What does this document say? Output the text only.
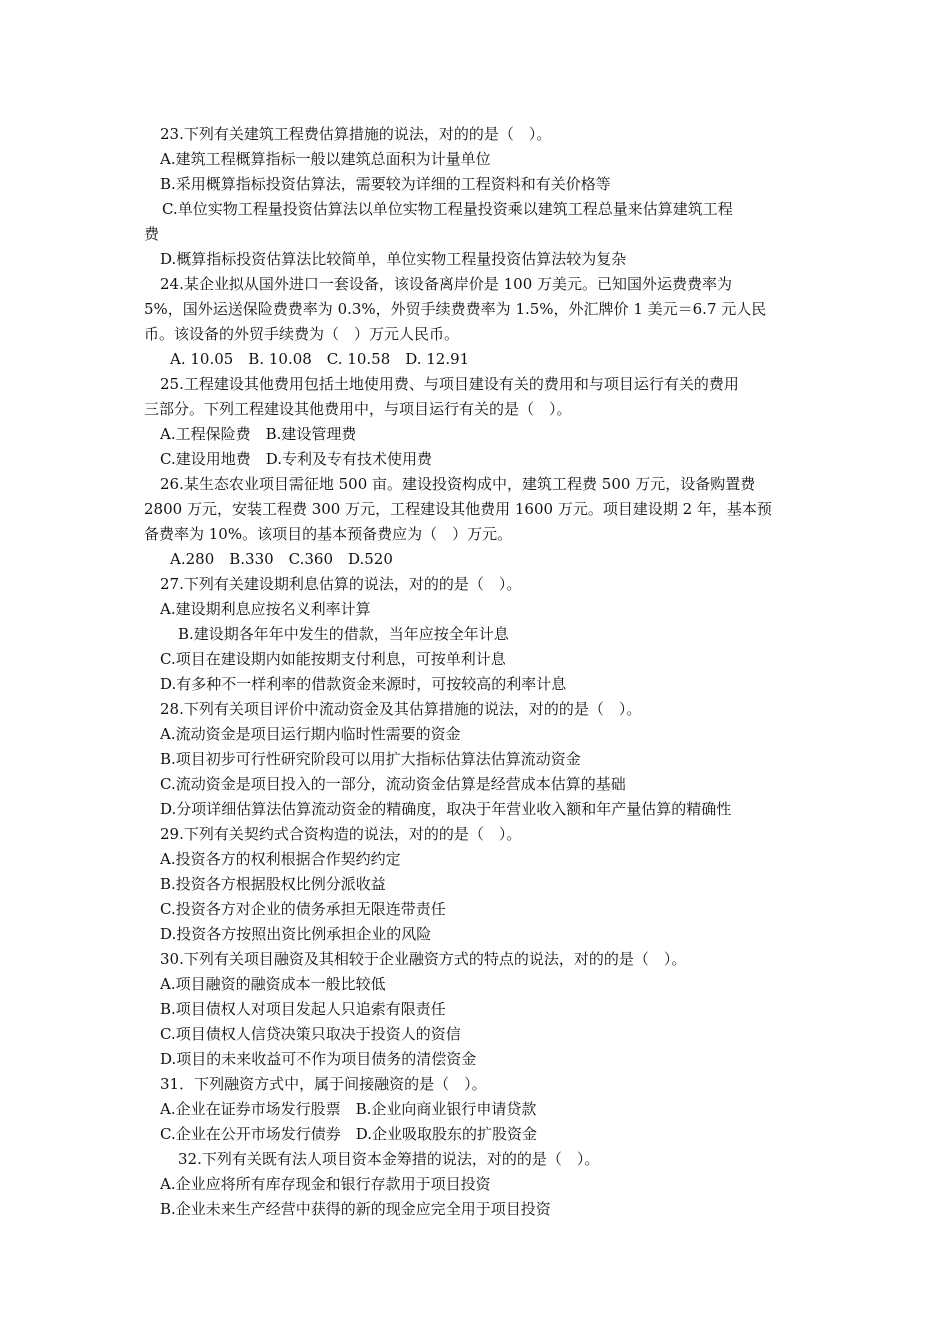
23.下列有关建筑工程费估算措施的说法，对的的是（　）。
A.建筑工程概算指标一般以建筑总面积为计量单位
B.采用概算指标投资估算法，需要较为详细的工程资料和有关价格等
C.单位实物工程量投资估算法以单位实物工程量投资乘以建筑工程总量来估算建筑工程
费
D.概算指标投资估算法比较简单，单位实物工程量投资估算法较为复杂
24.某企业拟从国外进口一套设备，该设备离岸价是 100 万美元。已知国外运费费率为
5%，国外运送保险费费率为 0.3%，外贸手续费费率为 1.5%，外汇牌价 1 美元＝6.7 元人民
币。该设备的外贸手续费为（　）万元人民币。
A. 10.05　B. 10.08　C. 10.58　D. 12.91
25.工程建设其他费用包括土地使用费、与项目建设有关的费用和与项目运行有关的费用
三部分。下列工程建设其他费用中，与项目运行有关的是（　）。
A.工程保险费　B.建设管理费
C.建设用地费　D.专利及专有技术使用费
26.某生态农业项目需征地 500 亩。建设投资构成中，建筑工程费 500 万元，设备购置费
2800 万元，安装工程费 300 万元，工程建设其他费用 1600 万元。项目建设期 2 年，基本预
备费率为 10%。该项目的基本预备费应为（　）万元。
A.280　B.330　C.360　D.520
27.下列有关建设期利息估算的说法，对的的是（　）。
A.建设期利息应按名义利率计算
B.建设期各年年中发生的借款，当年应按全年计息
C.项目在建设期内如能按期支付利息，可按单利计息
D.有多种不一样利率的借款资金来源时，可按较高的利率计息
28.下列有关项目评价中流动资金及其估算措施的说法，对的的是（　）。
A.流动资金是项目运行期内临时性需要的资金
B.项目初步可行性研究阶段可以用扩大指标估算法估算流动资金
C.流动资金是项目投入的一部分，流动资金估算是经营成本估算的基础
D.分项详细估算法估算流动资金的精确度，取决于年营业收入额和年产量估算的精确性
29.下列有关契约式合资构造的说法，对的的是（　）。
A.投资各方的权利根据合作契约约定
B.投资各方根据股权比例分派收益
C.投资各方对企业的债务承担无限连带责任
D.投资各方按照出资比例承担企业的风险
30.下列有关项目融资及其相较于企业融资方式的特点的说法，对的的是（　）。
A.项目融资的融资成本一般比较低
B.项目债权人对项目发起人只追索有限责任
C.项目债权人信贷决策只取决于投资人的资信
D.项目的未来收益可不作为项目债务的清偿资金
31．下列融资方式中，属于间接融资的是（　）。
A.企业在证券市场发行股票　B.企业向商业银行申请贷款
C.企业在公开市场发行债券　D.企业吸取股东的扩股资金
32.下列有关既有法人项目资本金筹措的说法，对的的是（　）。
A.企业应将所有库存现金和银行存款用于项目投资
B.企业未来生产经营中获得的新的现金应完全用于项目投资
